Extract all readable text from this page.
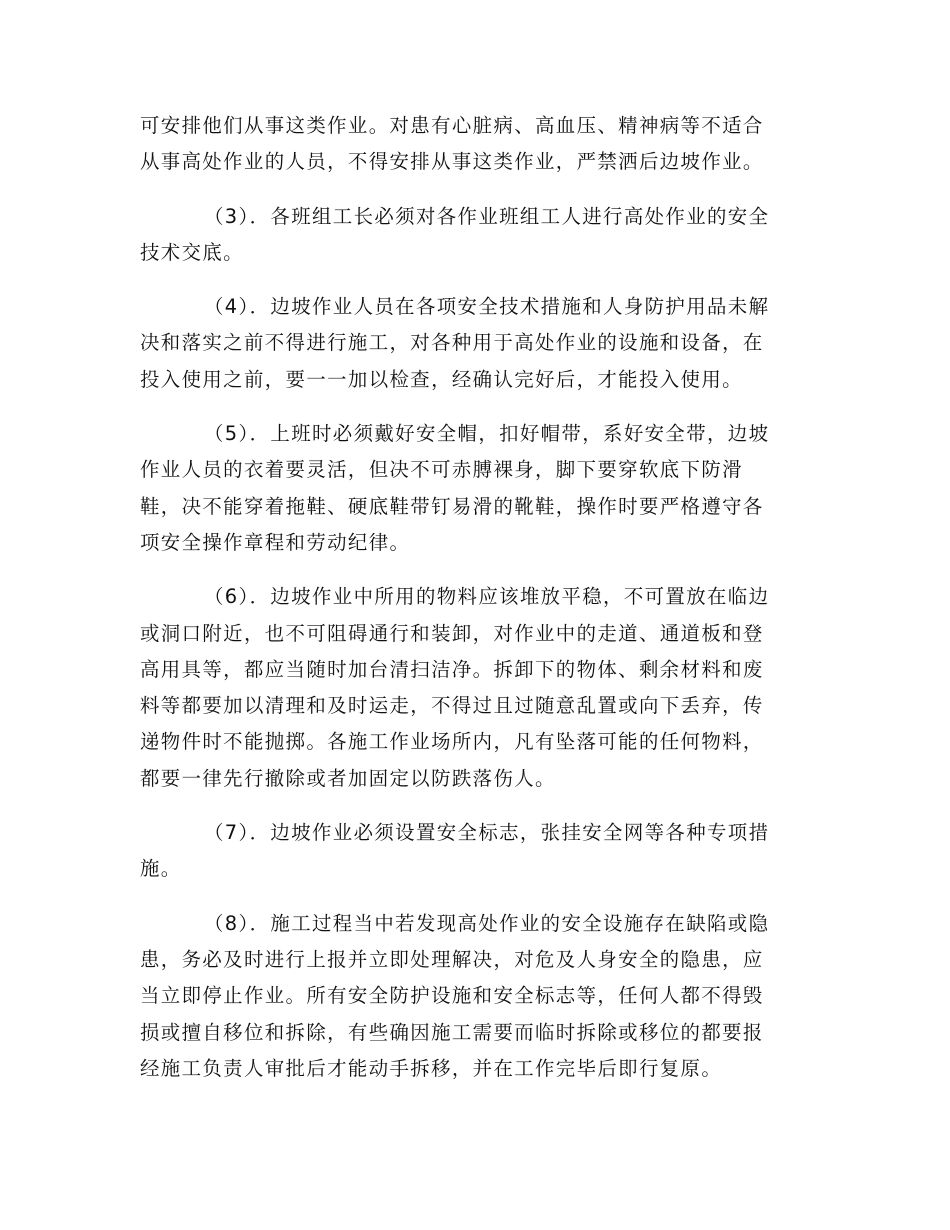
可安排他们从事这类作业。对患有心脏病、高血压、精神病等不适合
从事高处作业的人员，不得安排从事这类作业，严禁洒后边坡作业。
（3）．各班组工长必须对各作业班组工人进行高处作业的安全
技术交底。
（4）．边坡作业人员在各项安全技术措施和人身防护用品未解
决和落实之前不得进行施工，对各种用于高处作业的设施和设备，在
投入使用之前，要一一加以检查，经确认完好后，才能投入使用。
（5）．上班时必须戴好安全帽，扣好帽带，系好安全带，边坡
作业人员的衣着要灵活，但决不可赤膊裸身，脚下要穿软底下防滑
鞋，决不能穿着拖鞋、硬底鞋带钉易滑的靴鞋，操作时要严格遵守各
项安全操作章程和劳动纪律。
（6）．边坡作业中所用的物料应该堆放平稳，不可置放在临边
或洞口附近，也不可阻碍通行和装卸，对作业中的走道、通道板和登
高用具等，都应当随时加台清扫洁净。拆卸下的物体、剩余材料和废
料等都要加以清理和及时运走，不得过且过随意乱置或向下丢弃，传
递物件时不能抛掷。各施工作业场所内，凡有坠落可能的任何物料，
都要一律先行撤除或者加固定以防跌落伤人。
（7）．边坡作业必须设置安全标志，张挂安全网等各种专项措
施。
（8）．施工过程当中若发现高处作业的安全设施存在缺陷或隐
患，务必及时进行上报并立即处理解决，对危及人身安全的隐患，应
当立即停止作业。所有安全防护设施和安全标志等，任何人都不得毁
损或擅自移位和拆除，有些确因施工需要而临时拆除或移位的都要报
经施工负责人审批后才能动手拆移，并在工作完毕后即行复原。
